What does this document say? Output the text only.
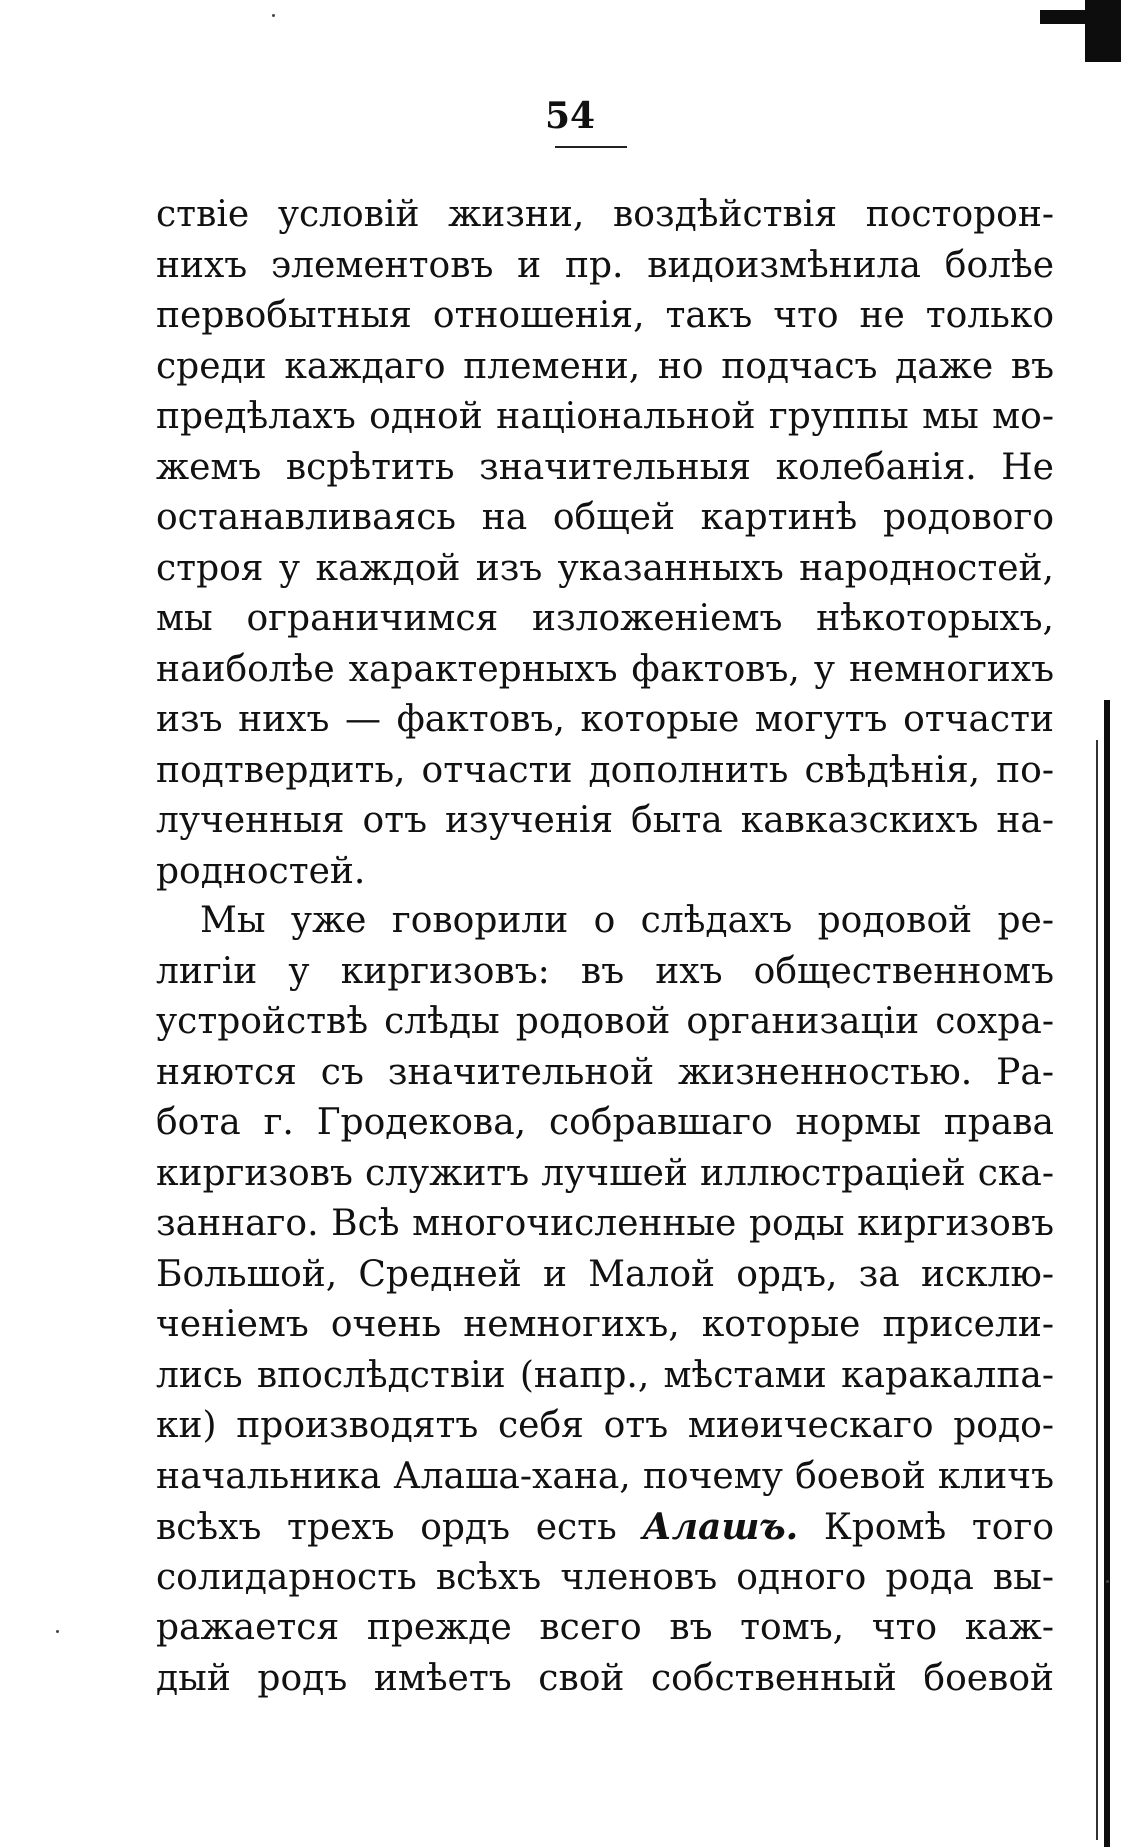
54
ствіе условій жизни, воздѣйствія посторон-
нихъ элементовъ и пр. видоизмѣнила болѣе
первобытныя отношенія, такъ что не только
среди каждаго племени, но подчасъ даже въ
предѣлахъ одной національной группы мы мо-
жемъ всрѣтить значительныя колебанія. Не
останавливаясь на общей картинѣ родового
строя у каждой изъ указанныхъ народностей,
мы ограничимся изложеніемъ нѣкоторыхъ,
наиболѣе характерныхъ фактовъ, у немногихъ
изъ нихъ — фактовъ, которые могутъ отчасти
подтвердить, отчасти дополнить свѣдѣнія, по-
лученныя отъ изученія быта кавказскихъ на-
родностей.
Мы уже говорили о слѣдахъ родовой ре-
лигіи у киргизовъ: въ ихъ общественномъ
устройствѣ слѣды родовой организаціи сохра-
няются съ значительной жизненностью. Ра-
бота г. Гродекова, собравшаго нормы права
киргизовъ служитъ лучшей иллюстраціей ска-
заннаго. Всѣ многочисленные роды киргизовъ
Большой, Средней и Малой ордъ, за исклю-
ченіемъ очень немногихъ, которые присели-
лись впослѣдствіи (напр., мѣстами каракалпа-
ки) производятъ себя отъ миѳическаго родо-
начальника Алаша-хана, почему боевой кличъ
всѣхъ трехъ ордъ есть Алашъ. Кромѣ того
солидарность всѣхъ членовъ одного рода вы-
ражается прежде всего въ томъ, что каж-
дый родъ имѣетъ свой собственный боевой
